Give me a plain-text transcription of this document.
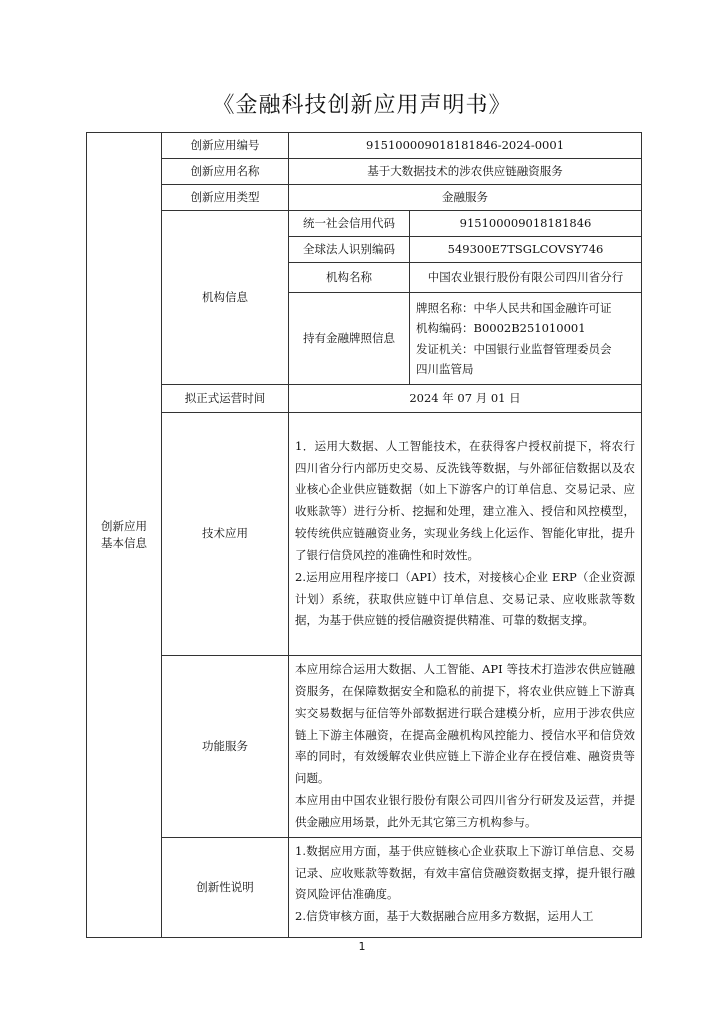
《金融科技创新应用声明书》
创新应用
基本信息	创新应用编号	915100009018181846-2024-0001	
	创新应用名称	基于大数据技术的涉农供应链融资服务	
	创新应用类型	金融服务	
	机构信息	统一社会信用代码	915100009018181846
		全球法人识别编码	549300E7TSGLCOVSY746
		机构名称	中国农业银行股份有限公司四川省分行
		持有金融牌照信息	牌照名称：中华人民共和国金融许可证
机构编码：B0002B251010001
发证机关：中国银行业监督管理委员会
四川监管局

	拟正式运营时间	2024 年 07 月 01 日	
	技术应用	1．运用大数据、人工智能技术，在获得客户授权前提下，将农行四川省分行内部历史交易、反洗钱等数据，与外部征信数据以及农业核心企业供应链数据（如上下游客户的订单信息、交易记录、应收账款等）进行分析、挖掘和处理，建立准入、授信和风控模型，较传统供应链融资业务，实现业务线上化运作、智能化审批，提升了银行信贷风控的准确性和时效性。
2.运用应用程序接口（API）技术，对接核心企业 ERP（企业资源计划）系统，获取供应链中订单信息、交易记录、应收账款等数据，为基于供应链的授信融资提供精准、可靠的数据支撑。	

	功能服务	本应用综合运用大数据、人工智能、API 等技术打造涉农供应链融资服务，在保障数据安全和隐私的前提下，将农业供应链上下游真实交易数据与征信等外部数据进行联合建模分析，应用于涉农供应链上下游主体融资，在提高金融机构风控能力、授信水平和信贷效率的同时，有效缓解农业供应链上下游企业存在授信难、融资贵等问题。
本应用由中国农业银行股份有限公司四川省分行研发及运营，并提供金融应用场景，此外无其它第三方机构参与。	

	创新性说明	1.数据应用方面，基于供应链核心企业获取上下游订单信息、交易记录、应收账款等数据，有效丰富信贷融资数据支撑，提升银行融资风险评估准确度。
2.信贷审核方面，基于大数据融合应用多方数据，运用人工	
1
